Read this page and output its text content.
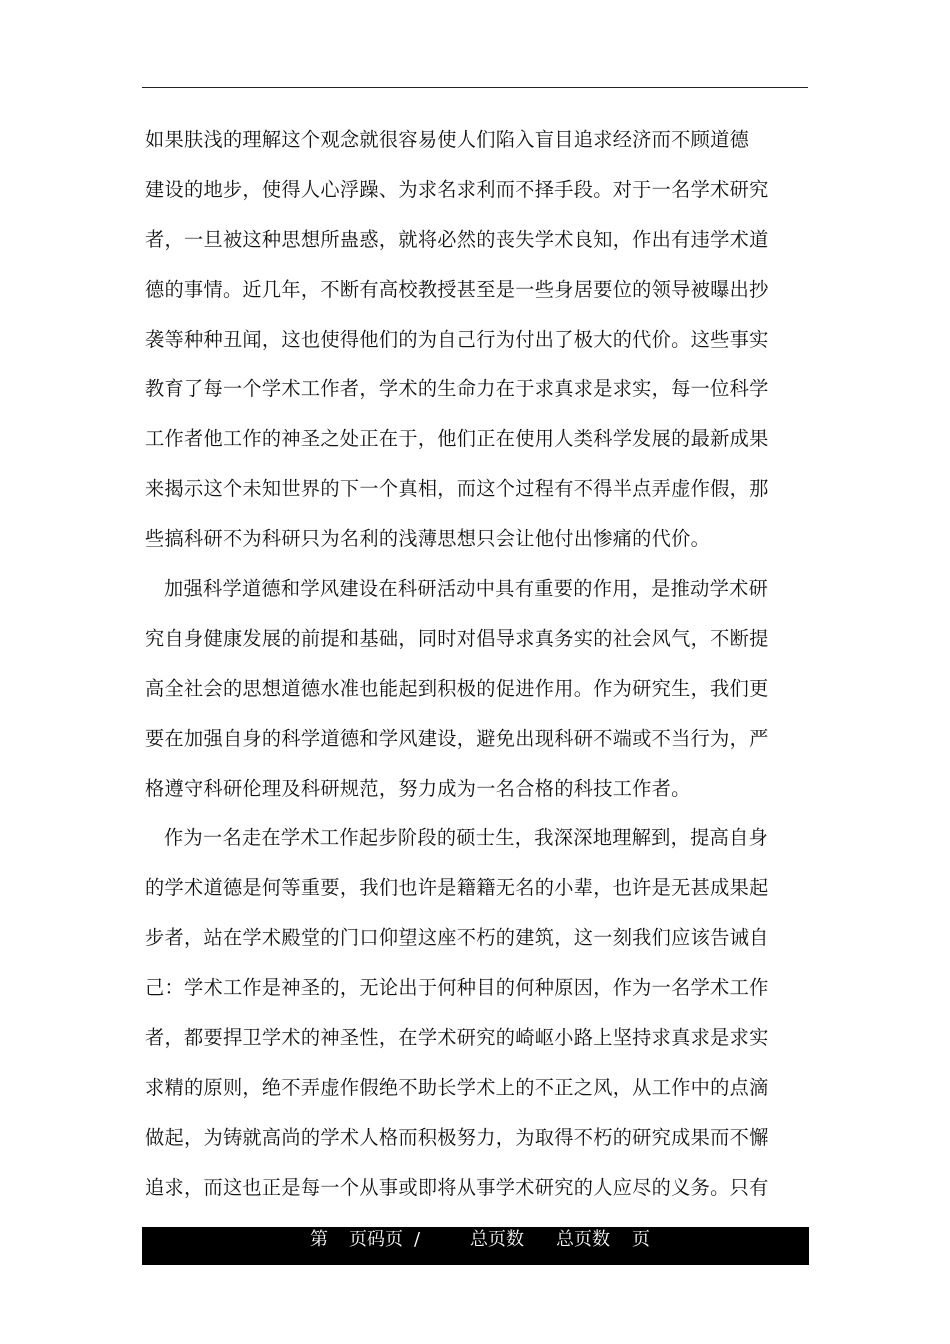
如果肤浅的理解这个观念就很容易使人们陷入盲目追求经济而不顾道德
建设的地步，使得人心浮躁、为求名求利而不择手段。对于一名学术研究
者，一旦被这种思想所蛊惑，就将必然的丧失学术良知，作出有违学术道
德的事情。近几年，不断有高校教授甚至是一些身居要位的领导被曝出抄
袭等种种丑闻，这也使得他们的为自己行为付出了极大的代价。这些事实
教育了每一个学术工作者，学术的生命力在于求真求是求实，每一位科学
工作者他工作的神圣之处正在于，他们正在使用人类科学发展的最新成果
来揭示这个未知世界的下一个真相，而这个过程有不得半点弄虚作假，那
些搞科研不为科研只为名利的浅薄思想只会让他付出惨痛的代价。
加强科学道德和学风建设在科研活动中具有重要的作用，是推动学术研
究自身健康发展的前提和基础，同时对倡导求真务实的社会风气，不断提
高全社会的思想道德水准也能起到积极的促进作用。作为研究生，我们更
要在加强自身的科学道德和学风建设，避免出现科研不端或不当行为，严
格遵守科研伦理及科研规范，努力成为一名合格的科技工作者。
作为一名走在学术工作起步阶段的硕士生，我深深地理解到，提高自身
的学术道德是何等重要，我们也许是籍籍无名的小辈，也许是无甚成果起
步者，站在学术殿堂的门口仰望这座不朽的建筑，这一刻我们应该告诫自
己：学术工作是神圣的，无论出于何种目的何种原因，作为一名学术工作
者，都要捍卫学术的神圣性，在学术研究的崎岖小路上坚持求真求是求实
求精的原则，绝不弄虚作假绝不助长学术上的不正之风，从工作中的点滴
做起，为铸就高尚的学术人格而积极努力，为取得不朽的研究成果而不懈
追求，而这也正是每一个从事或即将从事学术研究的人应尽的义务。只有
第 页码页 /	总页数 总页数 页
